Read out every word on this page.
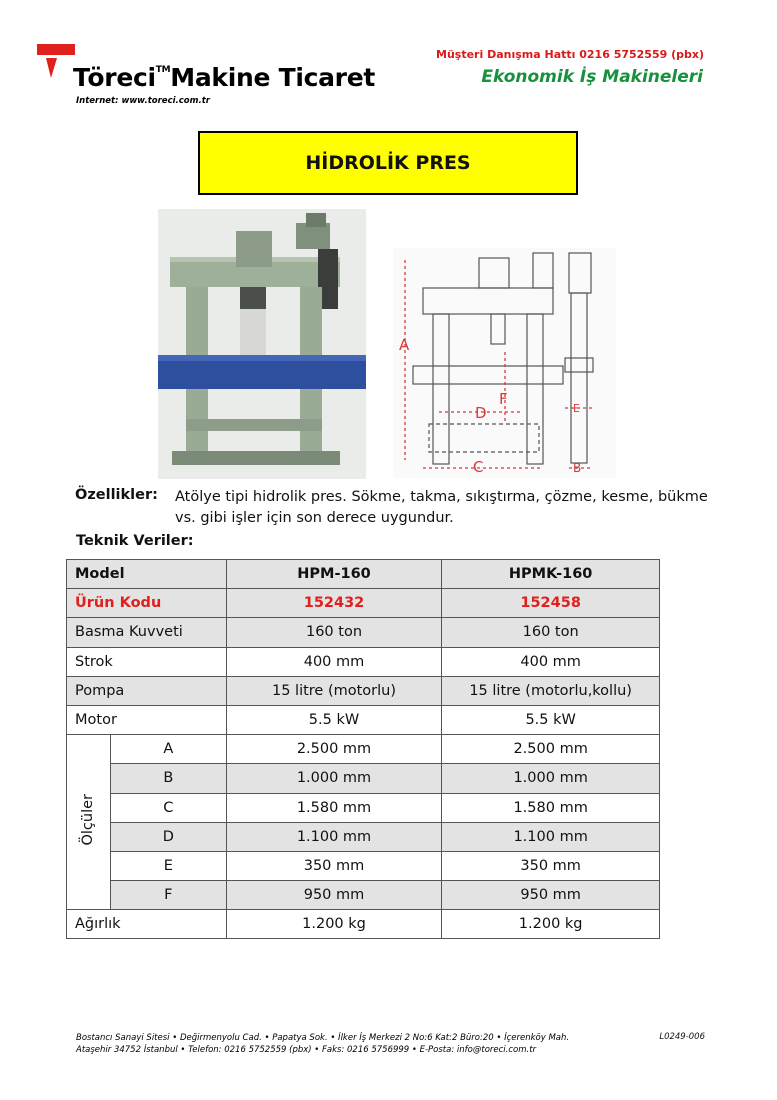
Töreci™Makine Ticaret
Internet: www.toreci.com.tr
Müşteri Danışma Hattı 0216 5752559 (pbx)
Ekonomik İş Makineleri
HİDROLİK PRES
A
C
D
F
E
B
Özellikler: Atölye tipi hidrolik pres. Sökme, takma, sıkıştırma, çözme, kesme, bükme vs. gibi işler için son derece uygundur.
Teknik Veriler:
Model		HPM-160	HPMK-160
Ürün Kodu		152432	152458
Basma Kuvveti		160 ton	160 ton
Strok		400 mm	400 mm
Pompa		15 litre (motorlu)	15 litre (motorlu,kollu)
Motor		5.5 kW	5.5 kW
Ölçüler	A	2.500 mm	2.500 mm
	B	1.000 mm	1.000 mm
	C	1.580 mm	1.580 mm
	D	1.100 mm	1.100 mm
	E	350 mm	350 mm
	F	950 mm	950 mm
Ağırlık		1.200 kg	1.200 kg
Bostancı Sanayi Sitesi • Değirmenyolu Cad. • Papatya Sok. • İlker İş Merkezi 2 No:6 Kat:2 Büro:20 • İçerenköy Mah.
Ataşehir 34752 İstanbul • Telefon: 0216 5752559 (pbx) • Faks: 0216 5756999 • E-Posta: info@toreci.com.tr
L0249-006
